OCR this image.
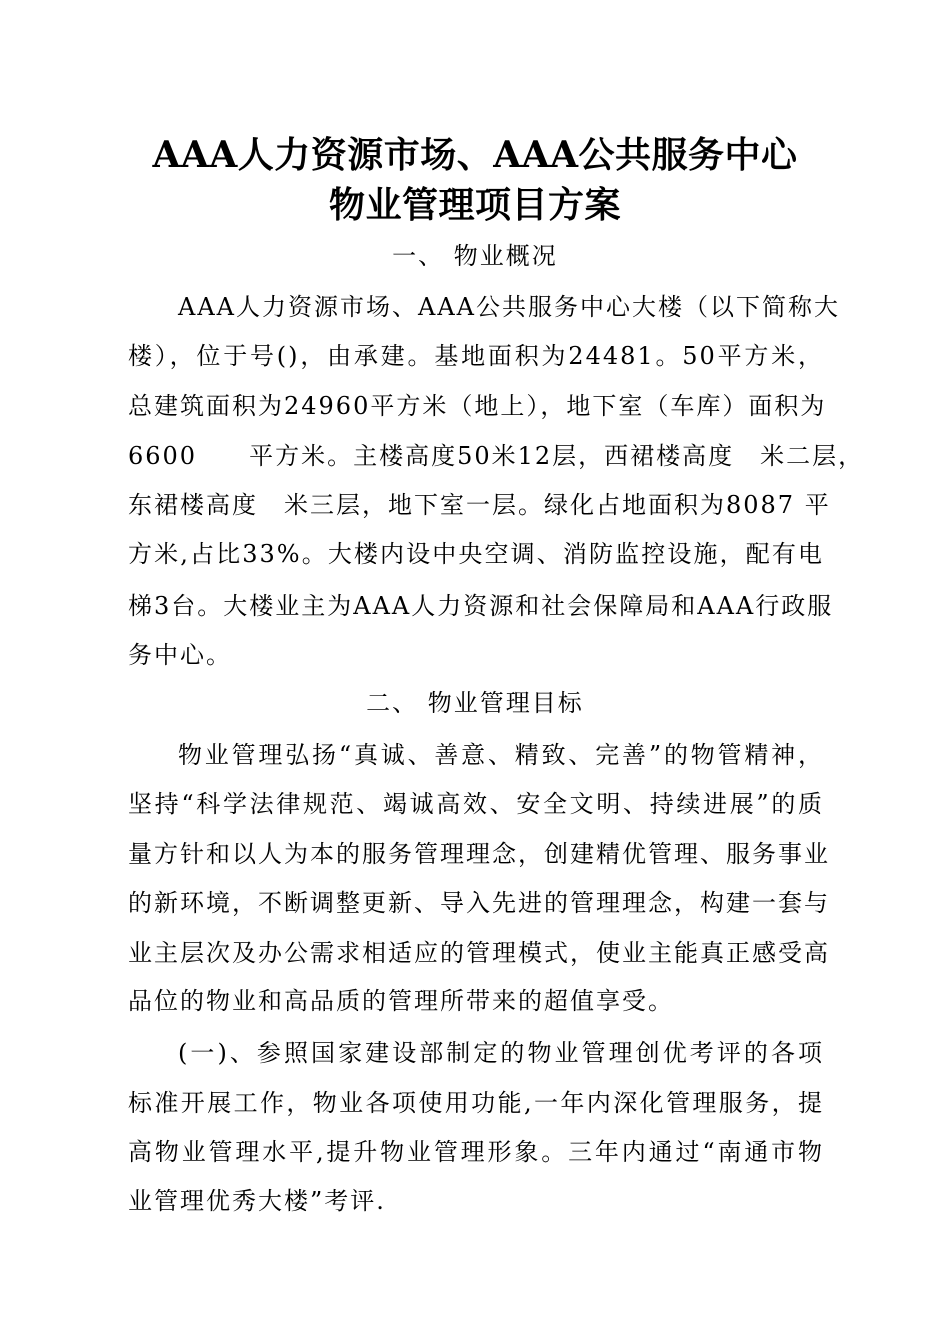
AAA人力资源市场、AAA公共服务中心
物业管理项目方案
一、 物业概况
AAA人力资源市场、AAA公共服务中心大楼（以下简称大
楼），位于号()，由承建。基地面积为24481。50平方米，
总建筑面积为24960平方米（地上），地下室（车库）面积为
6600　　平方米。主楼高度50米12层，西裙楼高度　米二层，
东裙楼高度　米三层，地下室一层。绿化占地面积为8087 平
方米,占比33%。大楼内设中央空调、消防监控设施，配有电
梯3台。大楼业主为AAA人力资源和社会保障局和AAA行政服
务中心。
二、 物业管理目标
物业管理弘扬“真诚、善意、精致、完善”的物管精神，
坚持“科学法律规范、竭诚高效、安全文明、持续进展”的质
量方针和以人为本的服务管理理念，创建精优管理、服务事业
的新环境，不断调整更新、导入先进的管理理念，构建一套与
业主层次及办公需求相适应的管理模式，使业主能真正感受高
品位的物业和高品质的管理所带来的超值享受。
(一)、参照国家建设部制定的物业管理创优考评的各项
标准开展工作，物业各项使用功能,一年内深化管理服务，提
高物业管理水平,提升物业管理形象。三年内通过“南通市物
业管理优秀大楼”考评.
